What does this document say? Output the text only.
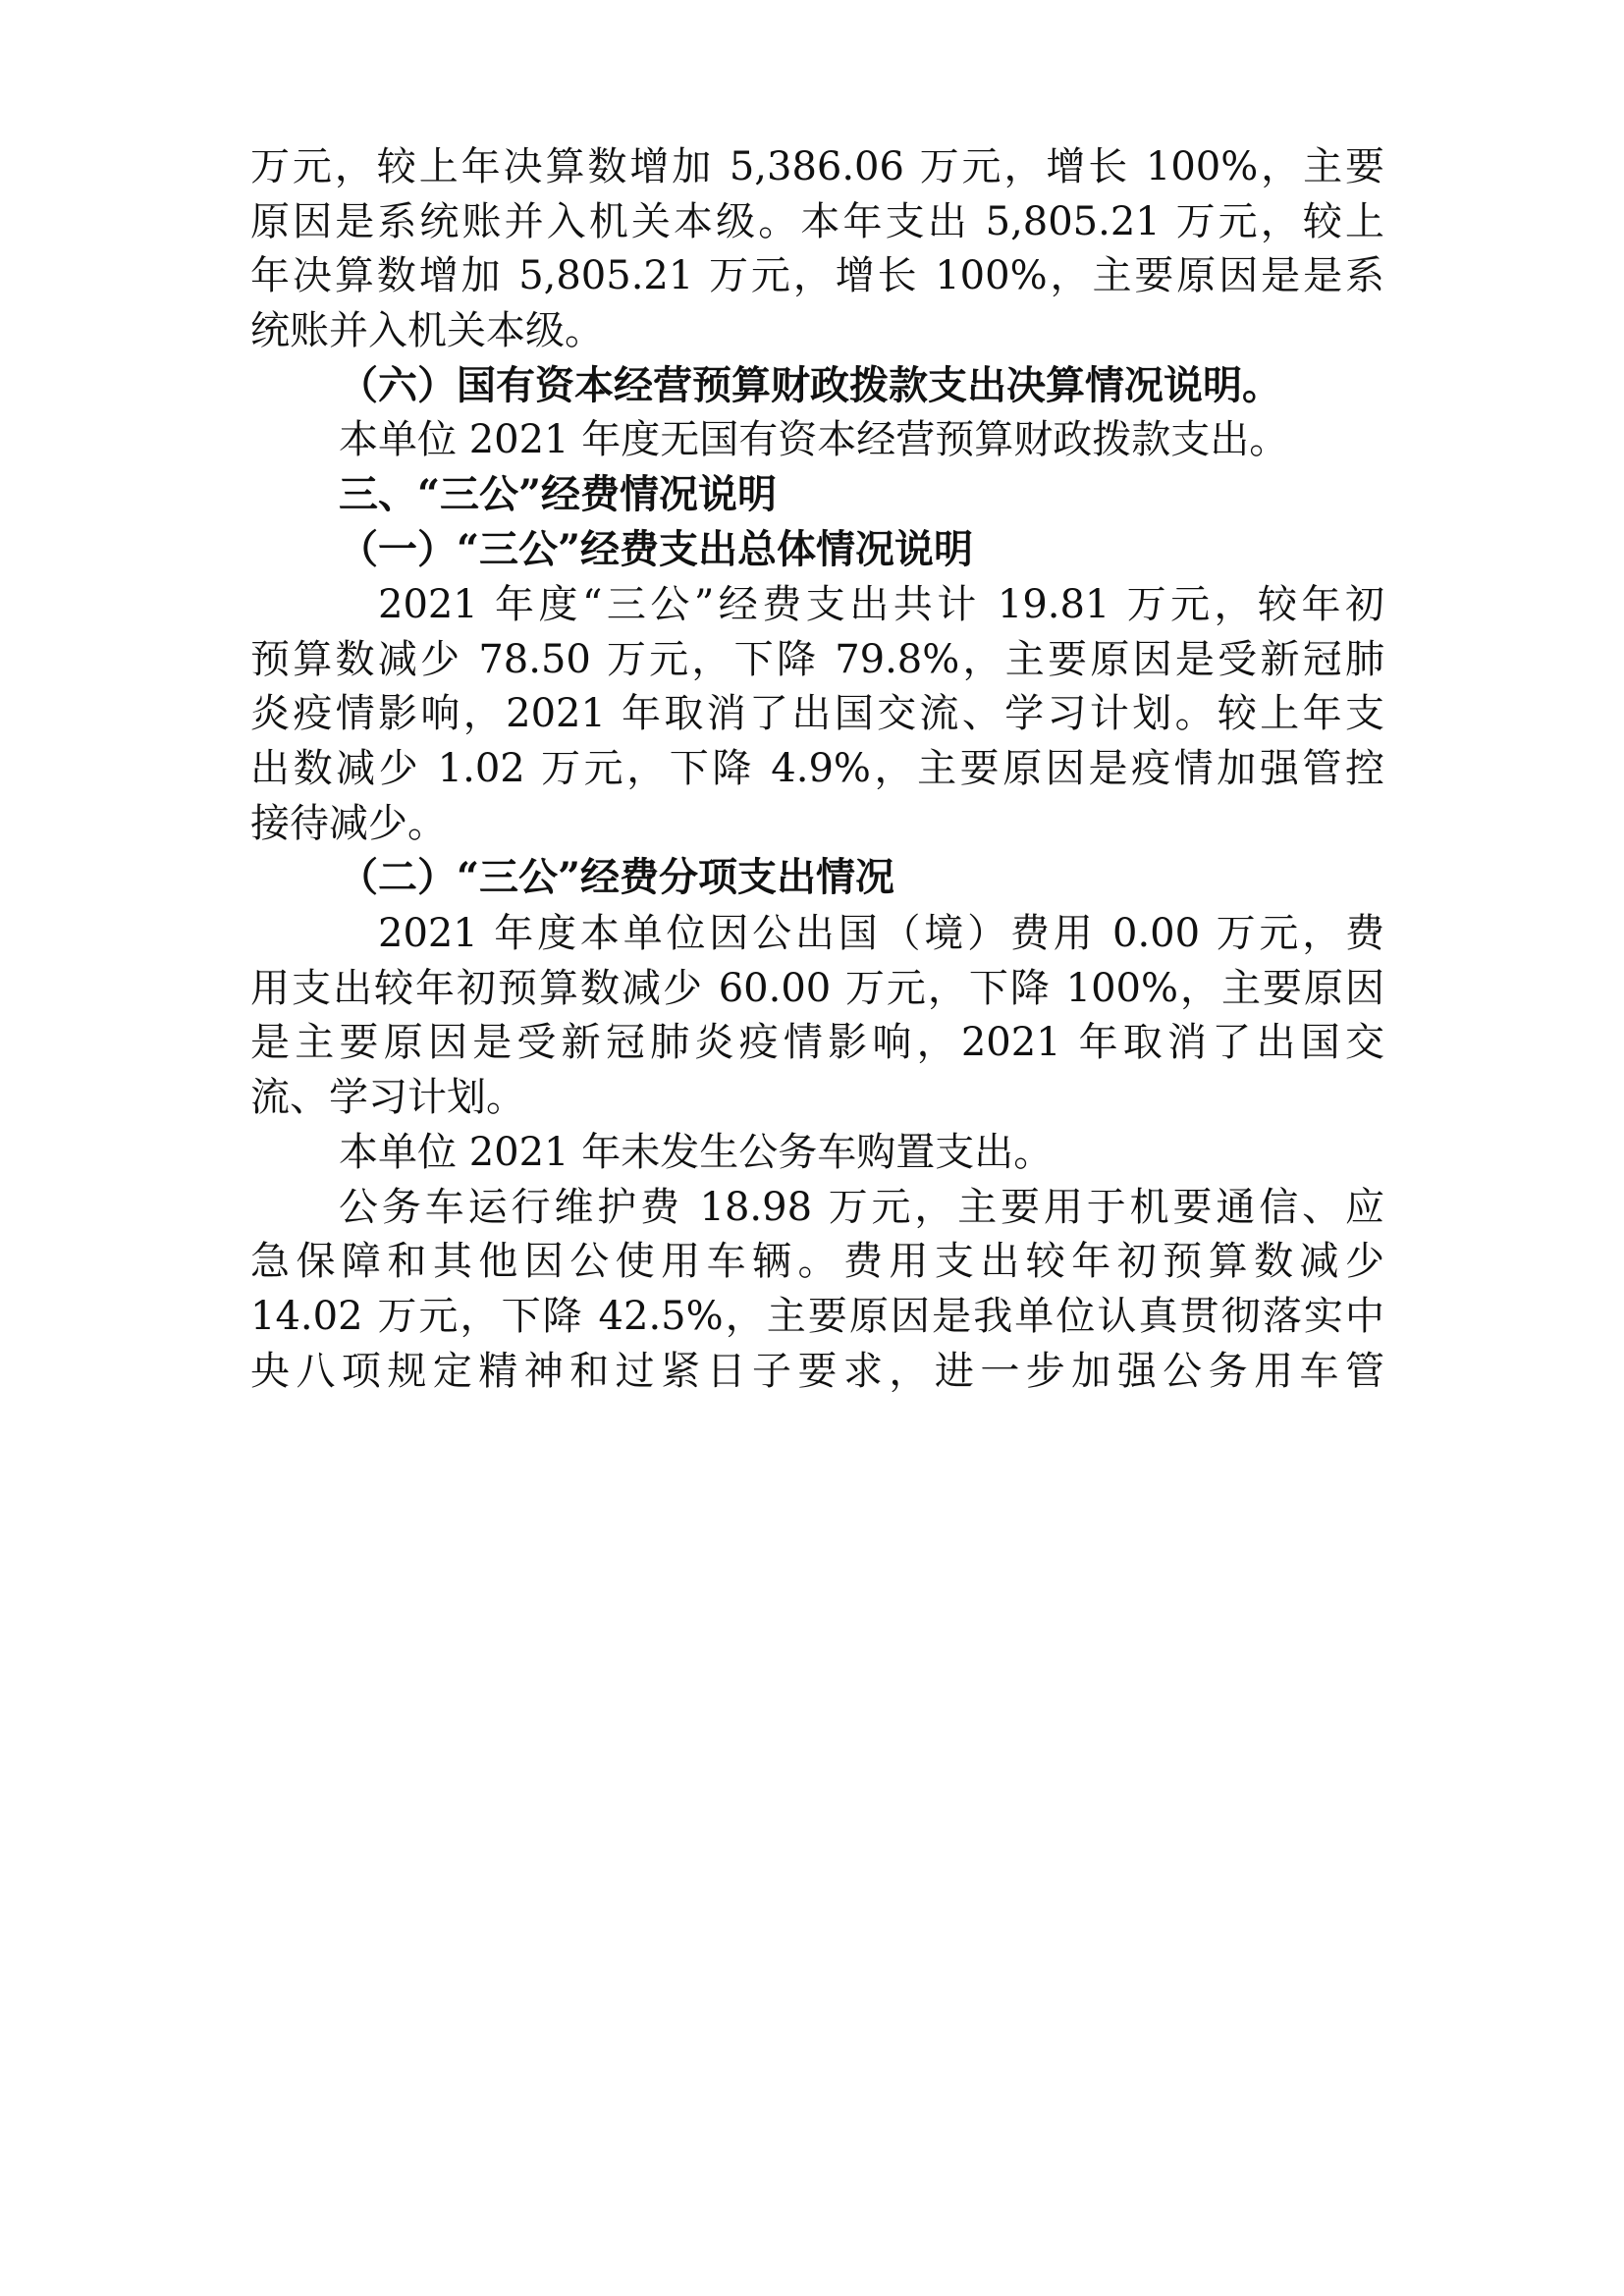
万元，较上年决算数增加 5,386.06 万元，增长 100%，主要
原因是系统账并入机关本级。本年支出 5,805.21 万元，较上
年决算数增加 5,805.21 万元，增长 100%，主要原因是是系
统账并入机关本级。
（六）国有资本经营预算财政拨款支出决算情况说明。
本单位 2021 年度无国有资本经营预算财政拨款支出。
三、“三公”经费情况说明
（一）“三公”经费支出总体情况说明
2021 年度“三公”经费支出共计 19.81 万元，较年初
预算数减少 78.50 万元，下降 79.8%，主要原因是受新冠肺
炎疫情影响，2021 年取消了出国交流、学习计划。较上年支
出数减少 1.02 万元，下降 4.9%，主要原因是疫情加强管控
接待减少。
（二）“三公”经费分项支出情况
2021 年度本单位因公出国（境）费用 0.00 万元，费
用支出较年初预算数减少 60.00 万元，下降 100%，主要原因
是主要原因是受新冠肺炎疫情影响，2021 年取消了出国交
流、学习计划。
本单位 2021 年未发生公务车购置支出。
公务车运行维护费 18.98 万元，主要用于机要通信、应
急保障和其他因公使用车辆。费用支出较年初预算数减少
14.02 万元，下降 42.5%，主要原因是我单位认真贯彻落实中
央八项规定精神和过紧日子要求，进一步加强公务用车管
